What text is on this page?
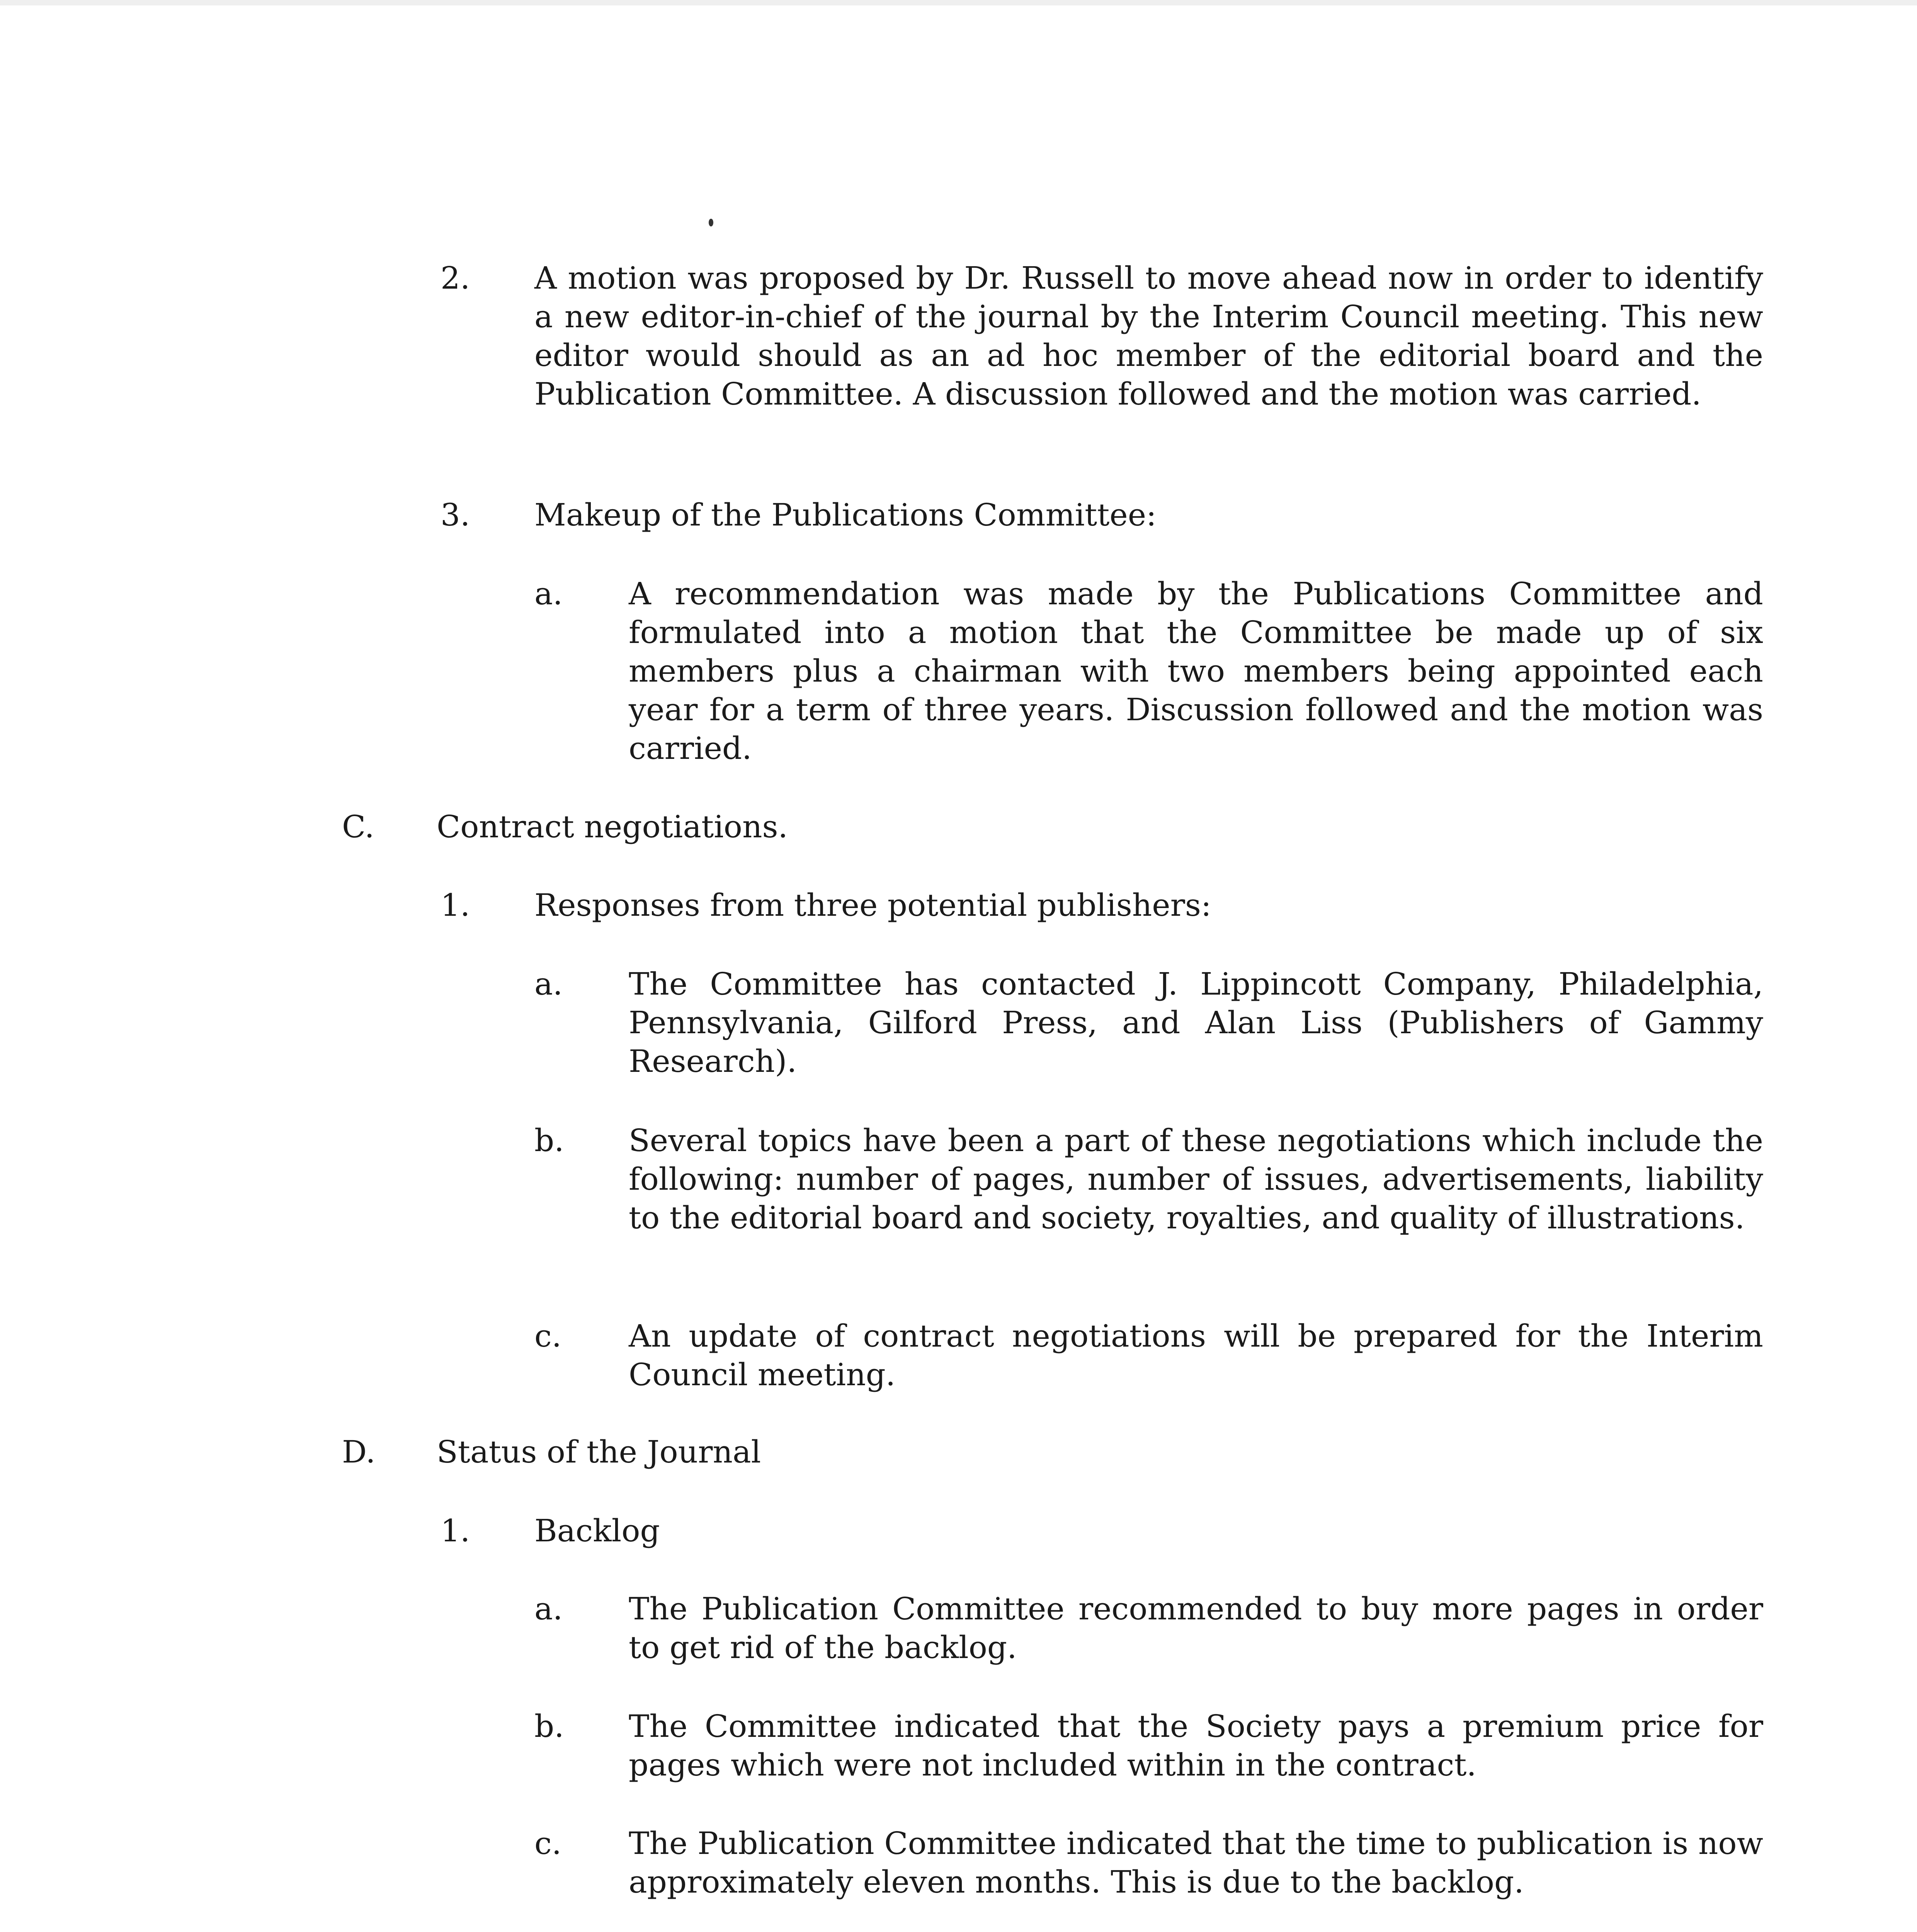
2. A motion was proposed by Dr. Russell to move ahead now in order to identify a new editor-in-chief of the journal by the Interim Council meeting. This new editor would should as an ad hoc member of the editorial board and the Publication Committee. A discussion followed and the motion was carried.
3. Makeup of the Publications Committee:
a. A recommendation was made by the Publications Committee and formulated into a motion that the Committee be made up of six members plus a chairman with two members being appointed each year for a term of three years. Discussion followed and the motion was carried.
C. Contract negotiations.
1. Responses from three potential publishers:
a. The Committee has contacted J. Lippincott Company, Philadelphia, Pennsylvania, Gilford Press, and Alan Liss (Publishers of Gammy Research).
b. Several topics have been a part of these negotiations which include the following: number of pages, number of issues, advertisements, liability to the editorial board and society, royalties, and quality of illustrations.
c. An update of contract negotiations will be prepared for the Interim Council meeting.
D. Status of the Journal
1. Backlog
a. The Publication Committee recommended to buy more pages in order to get rid of the backlog.
b. The Committee indicated that the Society pays a premium price for pages which were not included within in the contract.
c. The Publication Committee indicated that the time to publication is now approximately eleven months. This is due to the backlog.
